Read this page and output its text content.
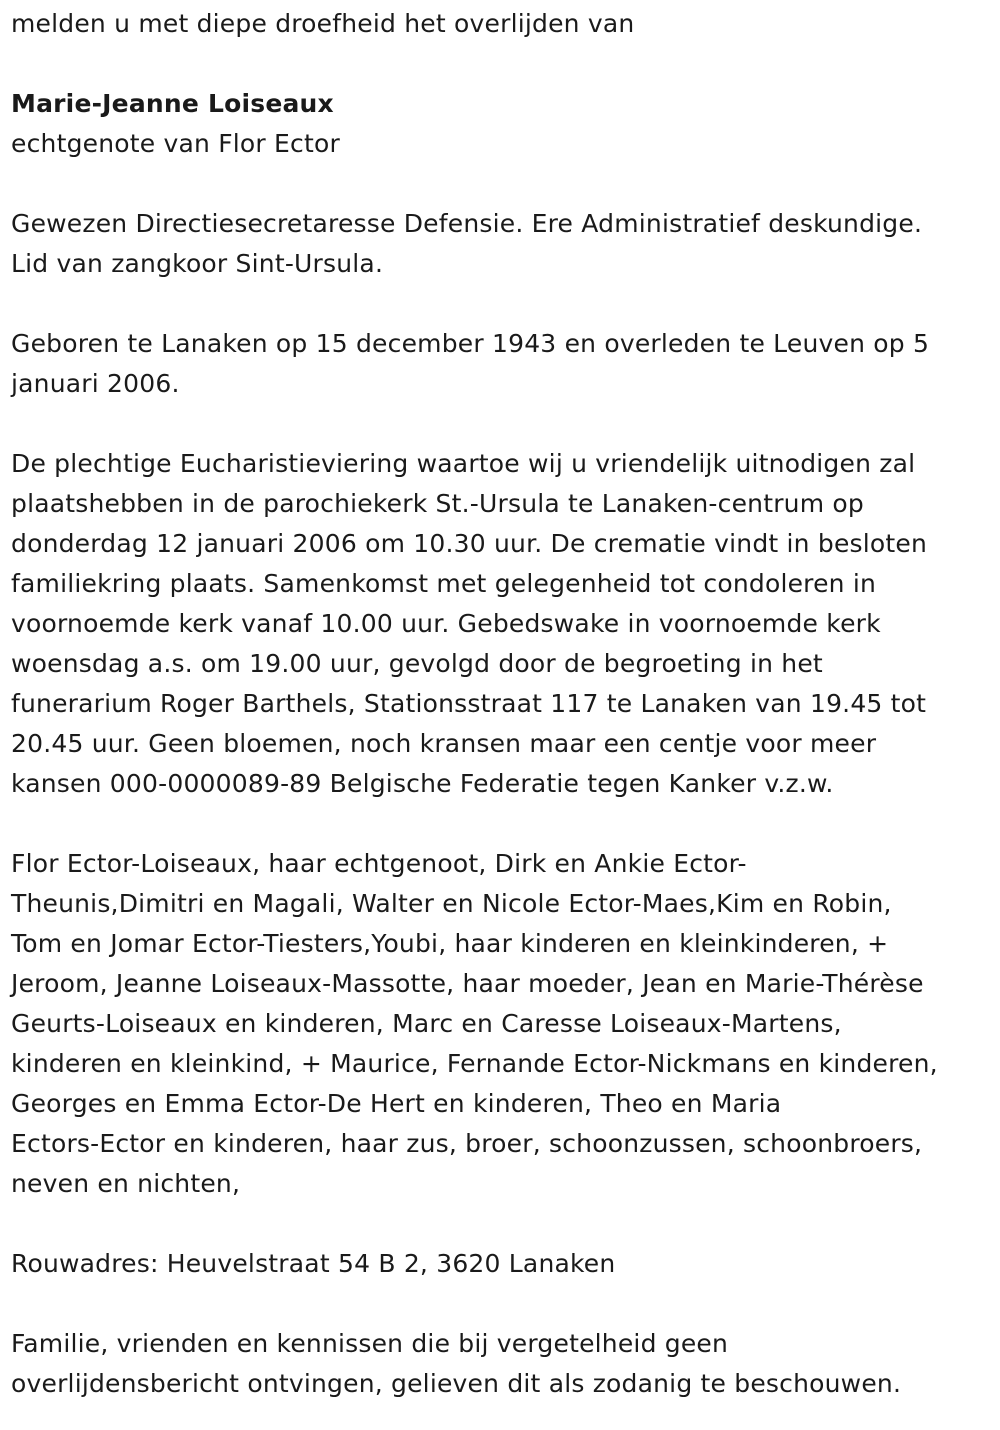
melden u met diepe droefheid het overlijden van
Marie-Jeanne Loiseaux
echtgenote van Flor Ector
Gewezen Directiesecretaresse Defensie. Ere Administratief deskundige.
Lid van zangkoor Sint-Ursula.
Geboren te Lanaken op 15 december 1943 en overleden te Leuven op 5
januari 2006.
De plechtige Eucharistieviering waartoe wij u vriendelijk uitnodigen zal
plaatshebben in de parochiekerk St.-Ursula te Lanaken-centrum op
donderdag 12 januari 2006 om 10.30 uur. De crematie vindt in besloten
familiekring plaats. Samenkomst met gelegenheid tot condoleren in
voornoemde kerk vanaf 10.00 uur. Gebedswake in voornoemde kerk
woensdag a.s. om 19.00 uur, gevolgd door de begroeting in het
funerarium Roger Barthels, Stationsstraat 117 te Lanaken van 19.45 tot
20.45 uur. Geen bloemen, noch kransen maar een centje voor meer
kansen 000-0000089-89 Belgische Federatie tegen Kanker v.z.w.
Flor Ector-Loiseaux, haar echtgenoot, Dirk en Ankie Ector-
Theunis,Dimitri en Magali, Walter en Nicole Ector-Maes,Kim en Robin,
Tom en Jomar Ector-Tiesters,Youbi, haar kinderen en kleinkinderen, +
Jeroom, Jeanne Loiseaux-Massotte, haar moeder, Jean en Marie-Thérèse
Geurts-Loiseaux en kinderen, Marc en Caresse Loiseaux-Martens,
kinderen en kleinkind, + Maurice, Fernande Ector-Nickmans en kinderen,
Georges en Emma Ector-De Hert en kinderen, Theo en Maria
Ectors-Ector en kinderen, haar zus, broer, schoonzussen, schoonbroers,
neven en nichten,
Rouwadres: Heuvelstraat 54 B 2, 3620 Lanaken
Familie, vrienden en kennissen die bij vergetelheid geen
overlijdensbericht ontvingen, gelieven dit als zodanig te beschouwen.
